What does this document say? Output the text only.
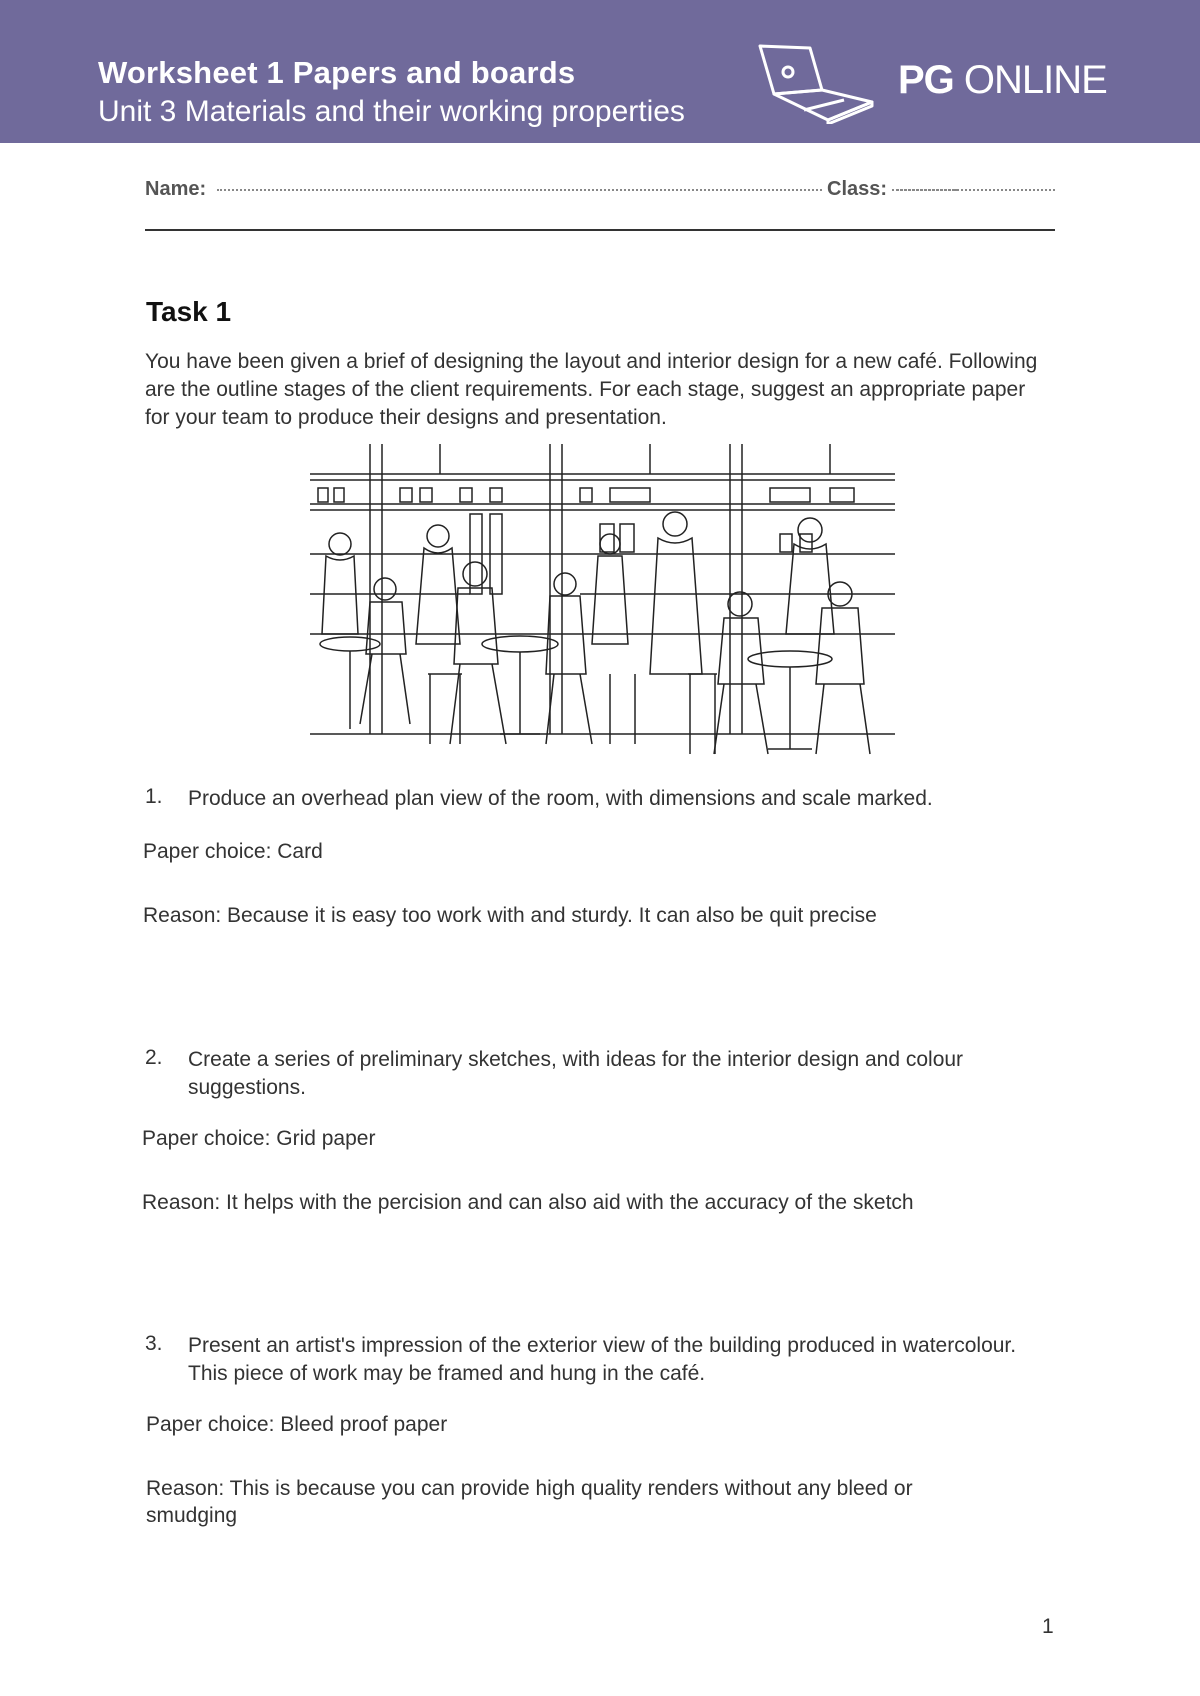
Worksheet 1 Papers and boards
Unit 3 Materials and their working properties
PG ONLINE
Name:	Class:
Task 1
You have been given a brief of designing the layout and interior design for a new café. Following are the outline stages of the client requirements. For each stage, suggest an appropriate paper for your team to produce their designs and presentation.
1. Produce an overhead plan view of the room, with dimensions and scale marked.
Paper choice: Card
Reason: Because it is easy too work with and sturdy. It can also be quit precise
2. Create a series of preliminary sketches, with ideas for the interior design and colour suggestions.
Paper choice: Grid paper
Reason: It helps with the percision and can also aid with the accuracy of the sketch
3. Present an artist's impression of the exterior view of the building produced in watercolour. This piece of work may be framed and hung in the café.
Paper choice: Bleed proof paper
Reason: This is because you can provide high quality renders without any bleed or smudging
1
